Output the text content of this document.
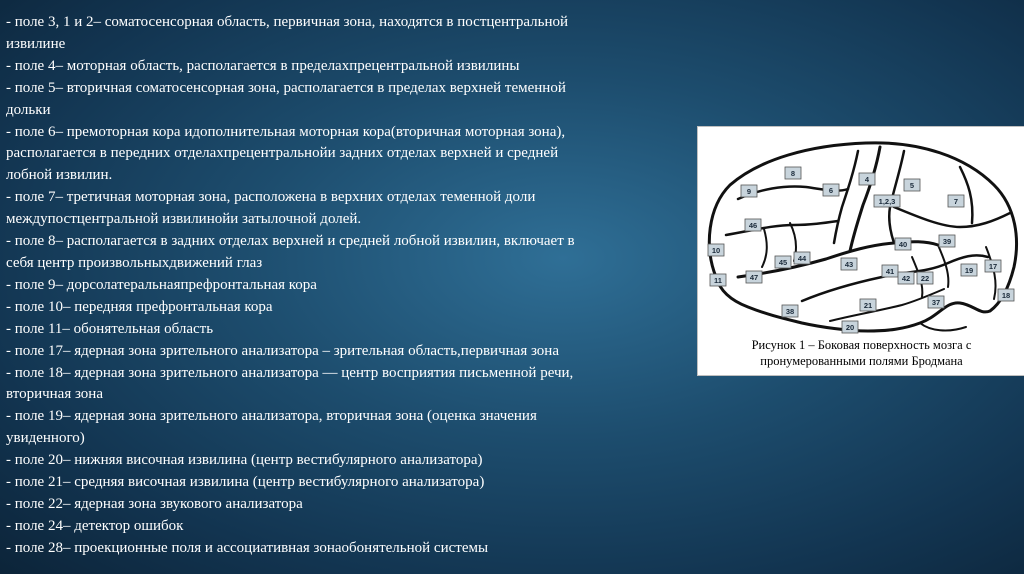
- поле 3, 1 и 2– соматосенсорная область, первичная зона, находятся в постцентральной
извилине
- поле 4– моторная область, располагается в пределахпрецентральной извилины
- поле 5– вторичная соматосенсорная зона, располагается в пределах верхней теменной
дольки
- поле 6– премоторная кора идополнительная моторная кора(вторичная моторная зона),
располагается в передних отделахпрецентральнойи задних отделах верхней и средней
лобной извилин.
- поле 7– третичная моторная зона, расположена в верхних отделах теменной доли
междупостцентральной извилинойи затылочной долей.
- поле 8– располагается в задних отделах верхней и средней лобной извилин, включает в
себя центр произвольныхдвижений глаз
- поле 9– дорсолатеральнаяпрефронтальная кора
- поле 10– передняя префронтальная кора
- поле 11– обонятельная область
- поле 17– ядерная зона зрительного анализатора – зрительная область,первичная зона
- поле 18– ядерная зона зрительного анализатора — центр восприятия письменной речи,
вторичная зона
- поле 19– ядерная зона зрительного анализатора, вторичная зона (оценка значения
увиденного)
- поле 20– нижняя височная извилина (центр вестибулярного анализатора)
- поле 21– средняя височная извилина (центр вестибулярного анализатора)
- поле 22– ядерная зона звукового анализатора
- поле 24– детектор ошибок
- поле 28– проекционные поля и ассоциативная зонаобонятельной системы
8
6
4
5
9
1,2,3	7
46
10
45 44
43
40	39
19
18
47
41
42
11	22
17
37
21
38
20
Рисунок 1 – Боковая поверхность мозга с
пронумерованными полями Бродмана
